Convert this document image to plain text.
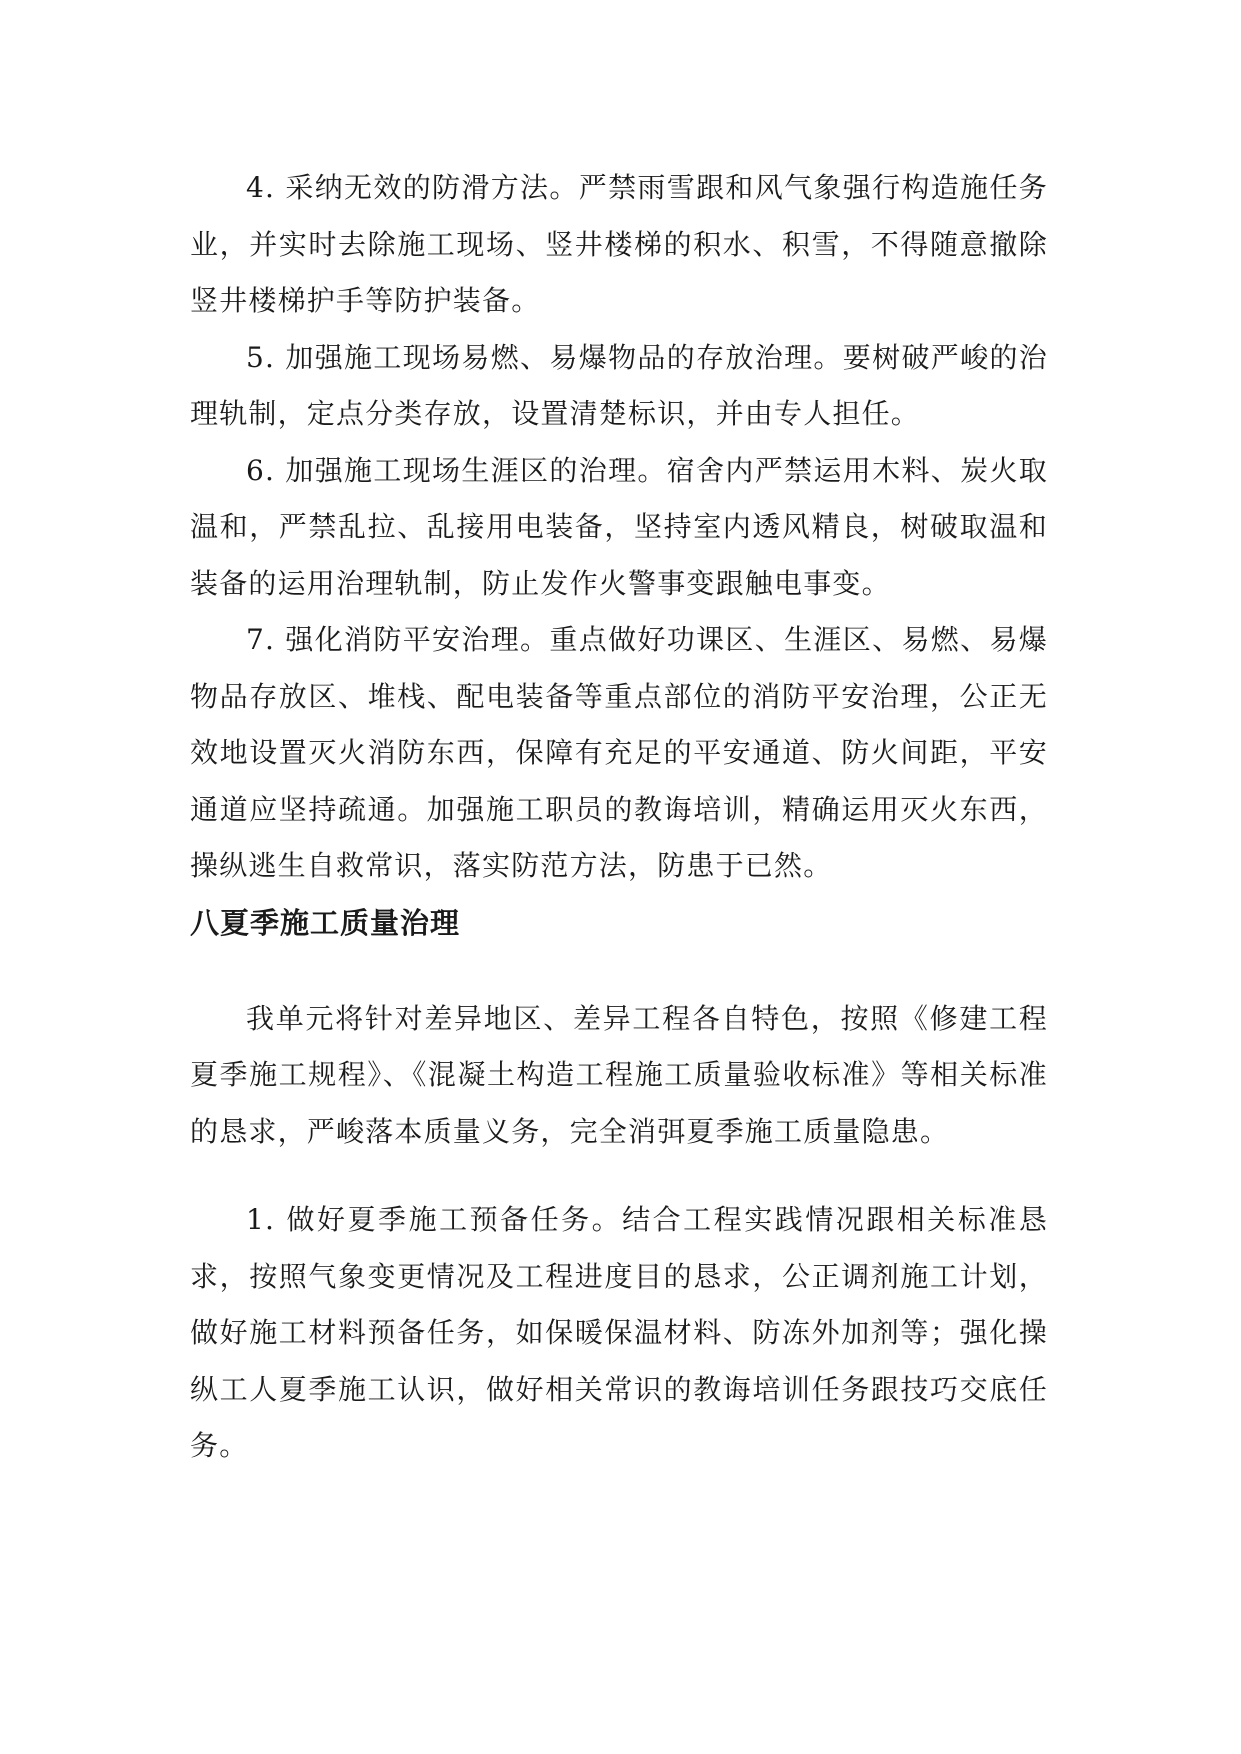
4. 采纳无效的防滑方法。严禁雨雪跟和风气象强行构造施任务业，并实时去除施工现场、竖井楼梯的积水、积雪，不得随意撤除竖井楼梯护手等防护装备。

5. 加强施工现场易燃、易爆物品的存放治理。要树破严峻的治理轨制，定点分类存放，设置清楚标识，并由专人担任。

6. 加强施工现场生涯区的治理。宿舍内严禁运用木料、炭火取温和，严禁乱拉、乱接用电装备，坚持室内透风精良，树破取温和装备的运用治理轨制，防止发作火警事变跟触电事变。

7. 强化消防平安治理。重点做好功课区、生涯区、易燃、易爆物品存放区、堆栈、配电装备等重点部位的消防平安治理，公正无效地设置灭火消防东西，保障有充足的平安通道、防火间距，平安通道应坚持疏通。加强施工职员的教诲培训，精确运用灭火东西，操纵逃生自救常识，落实防范方法，防患于已然。

八夏季施工质量治理

我单元将针对差异地区、差异工程各自特色，按照《修建工程夏季施工规程》、《混凝土构造工程施工质量验收标准》等相关标准的恳求，严峻落本质量义务，完全消弭夏季施工质量隐患。

1. 做好夏季施工预备任务。结合工程实践情况跟相关标准恳求，按照气象变更情况及工程进度目的恳求，公正调剂施工计划，做好施工材料预备任务，如保暖保温材料、防冻外加剂等；强化操纵工人夏季施工认识，做好相关常识的教诲培训任务跟技巧交底任务。
